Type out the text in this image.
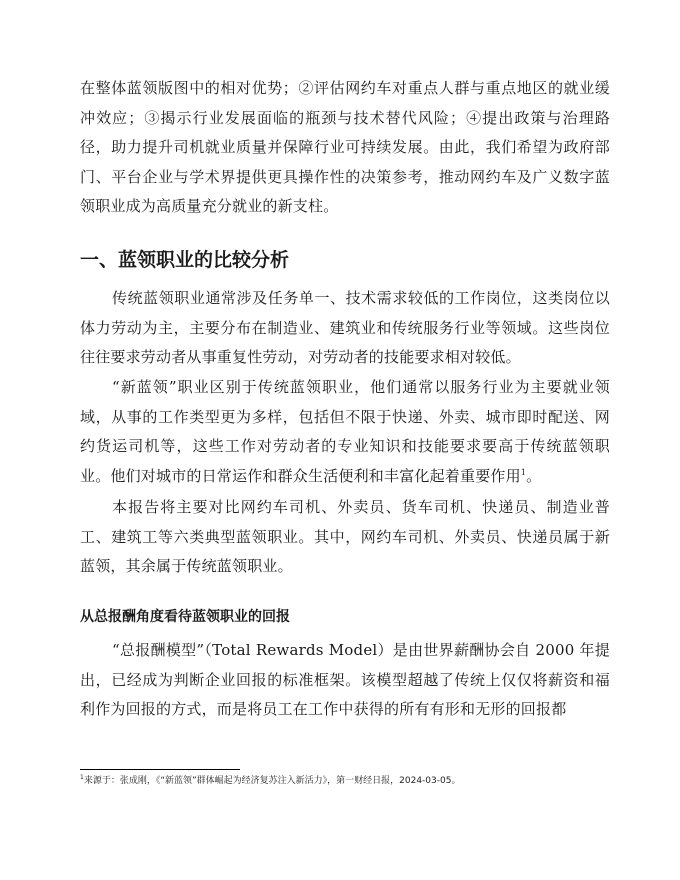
在整体蓝领版图中的相对优势；②评估网约车对重点人群与重点地区的就业缓冲效应；③揭示行业发展面临的瓶颈与技术替代风险；④提出政策与治理路径，助力提升司机就业质量并保障行业可持续发展。由此，我们希望为政府部门、平台企业与学术界提供更具操作性的决策参考，推动网约车及广义数字蓝领职业成为高质量充分就业的新支柱。

一、蓝领职业的比较分析

传统蓝领职业通常涉及任务单一、技术需求较低的工作岗位，这类岗位以体力劳动为主，主要分布在制造业、建筑业和传统服务行业等领域。这些岗位往往要求劳动者从事重复性劳动，对劳动者的技能要求相对较低。

“新蓝领”职业区别于传统蓝领职业，他们通常以服务行业为主要就业领域，从事的工作类型更为多样，包括但不限于快递、外卖、城市即时配送、网约货运司机等，这些工作对劳动者的专业知识和技能要求要高于传统蓝领职业。他们对城市的日常运作和群众生活便利和丰富化起着重要作用$^1$。

本报告将主要对比网约车司机、外卖员、货车司机、快递员、制造业普工、建筑工等六类典型蓝领职业。其中，网约车司机、外卖员、快递员属于新蓝领，其余属于传统蓝领职业。

从总报酬角度看待蓝领职业的回报

“总报酬模型”（Total Rewards Model）是由世界薪酬协会自 2000 年提出，已经成为判断企业回报的标准框架。该模型超越了传统上仅仅将薪资和福利作为回报的方式，而是将员工在工作中获得的所有有形和无形的回报都

$^1$来源于：张成刚，《“新蓝领”群体崛起为经济复苏注入新活力》，第一财经日报，2024-03-05。
